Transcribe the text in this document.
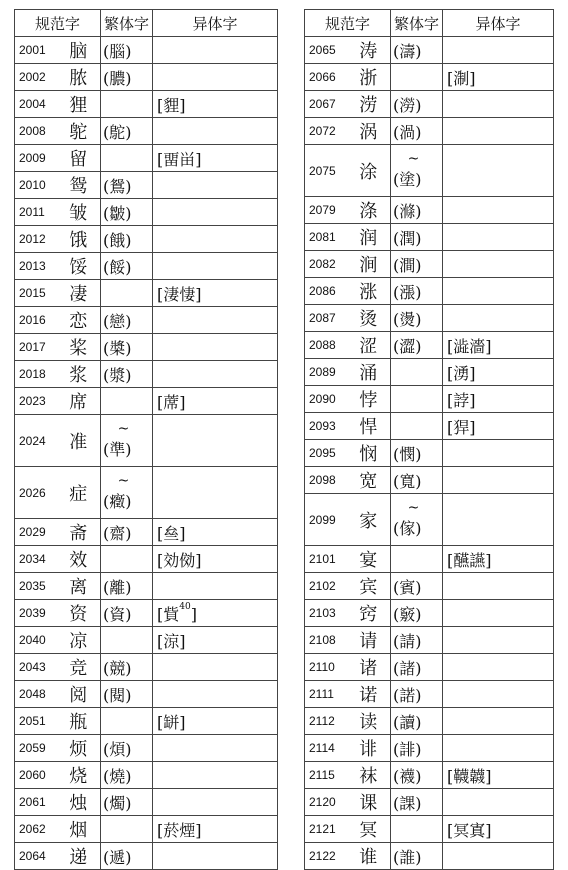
规范字		繁体字	异体字
2001	脑	(腦)	
2002	脓	(膿)	
2004	狸		[貍]
2008	鸵	(鴕)	
2009	留		[畱畄]
2010	鸳	(鴛)	
2011	皱	(皺)	
2012	饿	(餓)	
2013	馁	(餒)	
2015	凄		[淒悽]
2016	恋	(戀)	
2017	桨	(槳)	
2018	浆	(漿)	
2023	席		[蓆]
2024	准	~
(準)	

2026	症	~
(癥)	

2029	斋	(齋)	[亝]
2034	效		[効俲]
2035	离	(離)	
2039	资	(資)	[貲$^{40}$]
2040	凉		[涼]
2043	竞	(競)	
2048	阅	(閱)	
2051	瓶		[缾]
2059	烦	(煩)	
2060	烧	(燒)	
2061	烛	(燭)	
2062	烟		[菸煙]
2064	递	(遞)	
规范字		繁体字	异体字
2065	涛	(濤)	
2066	浙		[淛]
2067	涝	(澇)	
2072	涡	(渦)	
2075	涂	~
(塗)	

2079	涤	(滌)	
2081	润	(潤)	
2082	涧	(澗)	
2086	涨	(漲)	
2087	烫	(燙)	
2088	涩	(澀)	[澁濇]
2089	涌		[湧]
2090	悖		[誖]
2093	悍		[猂]
2095	悯	(憫)	
2098	宽	(寬)	
2099	家	~
(傢)	

2101	宴		[醼讌]
2102	宾	(賓)	
2103	窍	(竅)	
2108	请	(請)	
2110	诸	(諸)	
2111	诺	(諾)	
2112	读	(讀)	
2114	诽	(誹)	
2115	袜	(襪)	[韈韤]
2120	课	(課)	
2121	冥		[冥寘]
2122	谁	(誰)	
